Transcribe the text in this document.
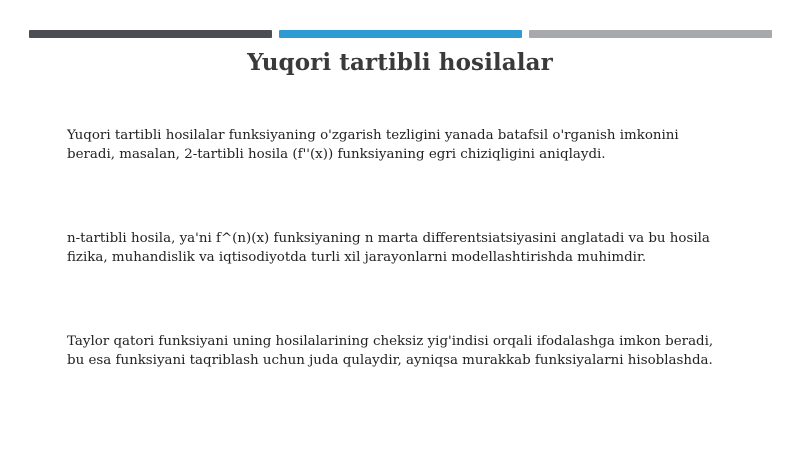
Yuqori tartibli hosilalar
Yuqori tartibli hosilalar funksiyaning o'zgarish tezligini yanada batafsil o'rganish imkonini
beradi, masalan, 2-tartibli hosila (f''(x)) funksiyaning egri chiziqligini aniqlaydi.
n-tartibli hosila, ya'ni f^(n)(x) funksiyaning n marta differentsiatsiyasini anglatadi va bu hosila
fizika, muhandislik va iqtisodiyotda turli xil jarayonlarni modellashtirishda muhimdir.
Taylor qatori funksiyani uning hosilalarining cheksiz yig'indisi orqali ifodalashga imkon beradi,
bu esa funksiyani taqriblash uchun juda qulaydir, ayniqsa murakkab funksiyalarni hisoblashda.
